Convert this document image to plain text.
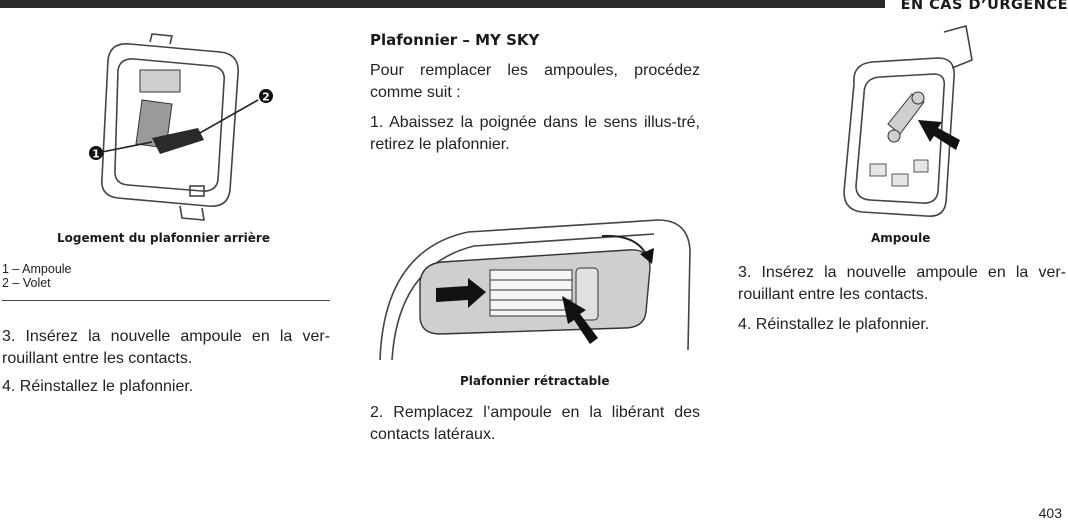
EN CAS D’URGENCE
1
2
Logement du plafonnier arrière
1 – Ampoule
2 – Volet
3. Insérez la nouvelle ampoule en la ver-rouillant entre les contacts.
4. Réinstallez le plafonnier.
Plafonnier – MY SKY
Pour remplacer les ampoules, procédez comme suit :
1. Abaissez la poignée dans le sens illus-tré, retirez le plafonnier.
Plafonnier rétractable
2. Remplacez l’ampoule en la libérant des contacts latéraux.
Ampoule
3. Insérez la nouvelle ampoule en la ver-rouillant entre les contacts.
4. Réinstallez le plafonnier.
403
